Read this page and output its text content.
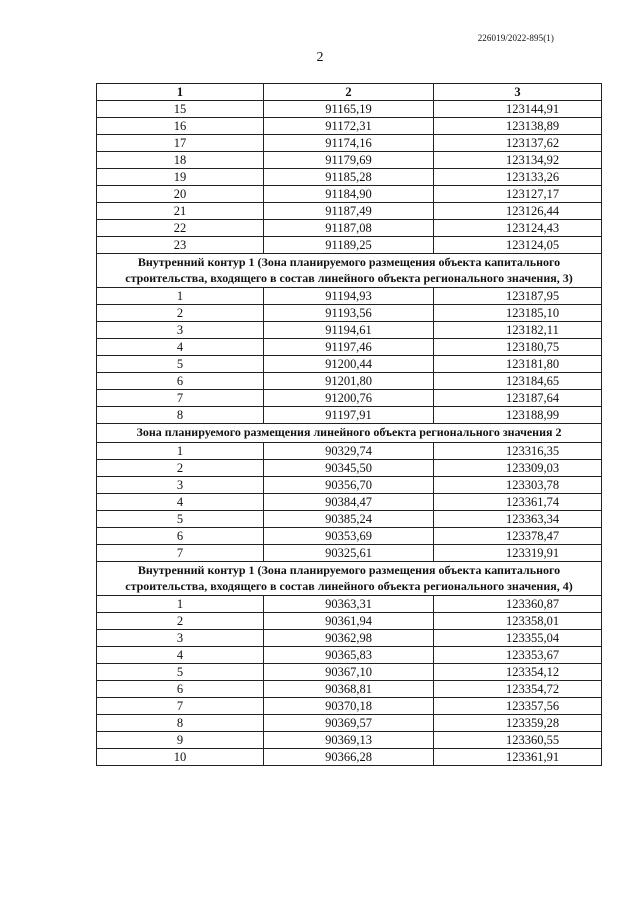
226019/2022-895(1)
2
1	2	3
15	91165,19	123144,91
16	91172,31	123138,89
17	91174,16	123137,62
18	91179,69	123134,92
19	91185,28	123133,26
20	91184,90	123127,17
21	91187,49	123126,44
22	91187,08	123124,43
23	91189,25	123124,05
Внутренний контур 1 (Зона планируемого размещения объекта капитального строительства, входящего в состав линейного объекта регионального значения, 3)		
1	91194,93	123187,95
2	91193,56	123185,10
3	91194,61	123182,11
4	91197,46	123180,75
5	91200,44	123181,80
6	91201,80	123184,65
7	91200,76	123187,64
8	91197,91	123188,99
Зона планируемого размещения линейного объекта регионального значения 2		
1	90329,74	123316,35
2	90345,50	123309,03
3	90356,70	123303,78
4	90384,47	123361,74
5	90385,24	123363,34
6	90353,69	123378,47
7	90325,61	123319,91
Внутренний контур 1 (Зона планируемого размещения объекта капитального строительства, входящего в состав линейного объекта регионального значения, 4)		
1	90363,31	123360,87
2	90361,94	123358,01
3	90362,98	123355,04
4	90365,83	123353,67
5	90367,10	123354,12
6	90368,81	123354,72
7	90370,18	123357,56
8	90369,57	123359,28
9	90369,13	123360,55
10	90366,28	123361,91
